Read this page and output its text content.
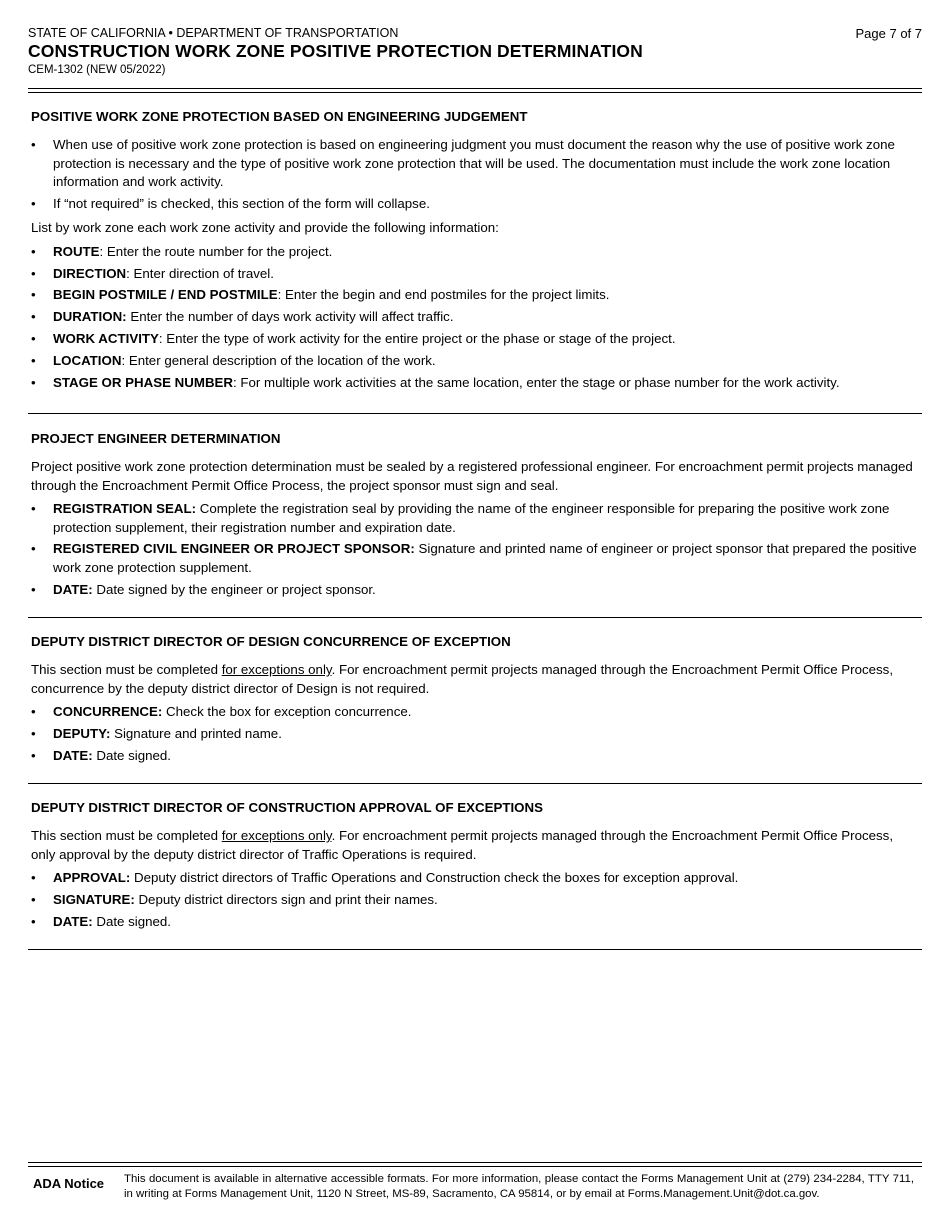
STATE OF CALIFORNIA • DEPARTMENT OF TRANSPORTATION
CONSTRUCTION WORK ZONE POSITIVE PROTECTION DETERMINATION
CEM-1302 (NEW 05/2022)
Page 7 of 7
POSITIVE WORK ZONE PROTECTION BASED ON ENGINEERING JUDGEMENT
• When use of positive work zone protection is based on engineering judgment you must document the reason why the use of positive work zone protection is necessary and the type of positive work zone protection that will be used. The documentation must include the work zone location information and work activity.
• If “not required” is checked, this section of the form will collapse.

List by work zone each work zone activity and provide the following information:

• ROUTE: Enter the route number for the project.
• DIRECTION: Enter direction of travel.
• BEGIN POSTMILE / END POSTMILE: Enter the begin and end postmiles for the project limits.
• DURATION: Enter the number of days work activity will affect traffic.
• WORK ACTIVITY: Enter the type of work activity for the entire project or the phase or stage of the project.
• LOCATION: Enter general description of the location of the work.
• STAGE OR PHASE NUMBER: For multiple work activities at the same location, enter the stage or phase number for the work activity.
PROJECT ENGINEER DETERMINATION

Project positive work zone protection determination must be sealed by a registered professional engineer. For encroachment permit projects managed through the Encroachment Permit Office Process, the project sponsor must sign and seal.

• REGISTRATION SEAL: Complete the registration seal by providing the name of the engineer responsible for preparing the positive work zone protection supplement, their registration number and expiration date.
• REGISTERED CIVIL ENGINEER OR PROJECT SPONSOR: Signature and printed name of engineer or project sponsor that prepared the positive work zone protection supplement.
• DATE: Date signed by the engineer or project sponsor.
DEPUTY DISTRICT DIRECTOR OF DESIGN CONCURRENCE OF EXCEPTION

This section must be completed for exceptions only. For encroachment permit projects managed through the Encroachment Permit Office Process, concurrence by the deputy district director of Design is not required.

• CONCURRENCE: Check the box for exception concurrence.
• DEPUTY: Signature and printed name.
• DATE: Date signed.
DEPUTY DISTRICT DIRECTOR OF CONSTRUCTION APPROVAL OF EXCEPTIONS

This section must be completed for exceptions only. For encroachment permit projects managed through the Encroachment Permit Office Process, only approval by the deputy district director of Traffic Operations is required.

• APPROVAL: Deputy district directors of Traffic Operations and Construction check the boxes for exception approval.
• SIGNATURE: Deputy district directors sign and print their names.
• DATE: Date signed.
ADA Notice This document is available in alternative accessible formats. For more information, please contact the Forms Management Unit at (279) 234-2284, TTY 711, in writing at Forms Management Unit, 1120 N Street, MS-89, Sacramento, CA 95814, or by email at Forms.Management.Unit@dot.ca.gov.
